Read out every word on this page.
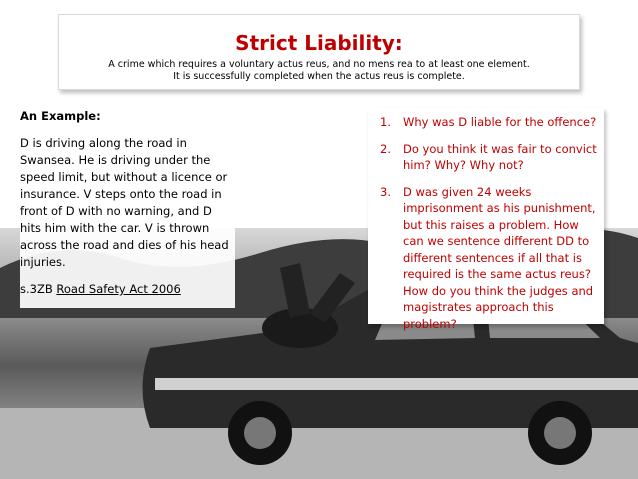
Strict Liability:
A crime which requires a voluntary actus reus, and no mens rea to at least one element.
It is successfully completed when the actus reus is complete.
An Example:

D is driving along the road in Swansea. He is driving under the speed limit, but without a licence or insurance. V steps onto the road in front of D with no warning, and D hits him with the car. V is thrown across the road and dies of his head injuries.

s.3ZB Road Safety Act 2006

1. Why was D liable for the offence?
2. Do you think it was fair to convict him? Why? Why not?
3. D was given 24 weeks imprisonment as his punishment, but this raises a problem. How can we sentence different DD to different sentences if all that is required is the same actus reus? How do you think the judges and magistrates approach this problem?
